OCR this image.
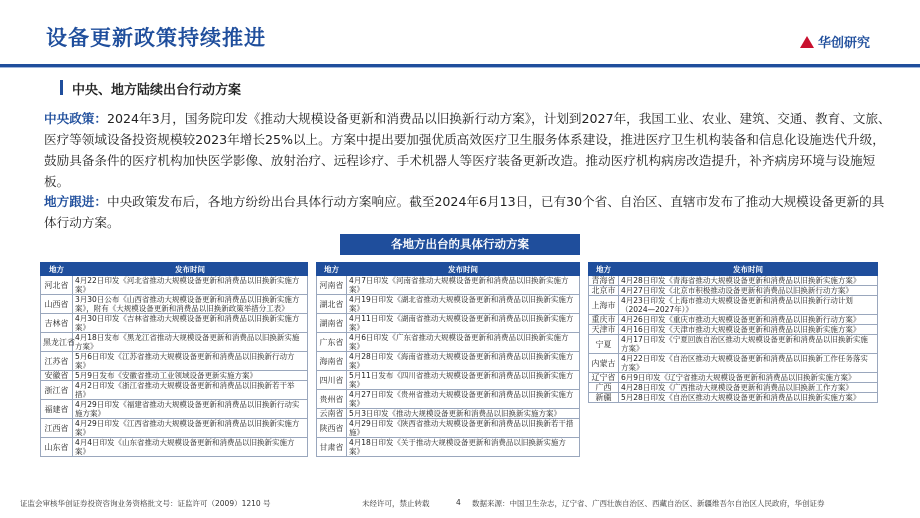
设备更新政策持续推进	华创研究
中央、地方陆续出台行动方案
中央政策：2024年3月，国务院印发《推动大规模设备更新和消费品以旧换新行动方案》，计划到2027年，我国工业、农业、建筑、交通、教育、文旅、医疗等领域设备投资规模较2023年增长25%以上。方案中提出要加强优质高效医疗卫生服务体系建设，推进医疗卫生机构装备和信息化设施迭代升级，鼓励具备条件的医疗机构加快医学影像、放射治疗、远程诊疗、手术机器人等医疗装备更新改造。推动医疗机构病房改造提升，补齐病房环境与设施短板。
地方跟进：中央政策发布后，各地方纷纷出台具体行动方案响应。截至2024年6月13日，已有30个省、自治区、直辖市发布了推动大规模设备更新的具体行动方案。
各地方出台的具体行动方案
地方	发布时间
河北省	4月22日印发《河北省推动大规模设备更新和消费品以旧换新实施方案》
山西省	3月30日公布《山西省推动大规模设备更新和消费品以旧换新实施方案》，附有《大规模设备更新和消费品以旧换新政策举措分工表》
吉林省	4月30日印发《吉林省推动大规模设备更新和消费品以旧换新实施方案》
黑龙江省	4月18日发布《黑龙江省推动大规模设备更新和消费品以旧换新实施方案》
江苏省	5月6日印发《江苏省推动大规模设备更新和消费品以旧换新行动方案》
安徽省	5月9日发布《安徽省推动工业领域设备更新实施方案》
浙江省	4月2日印发《浙江省推动大规模设备更新和消费品以旧换新若干举措》
福建省	4月29日印发《福建省推动大规模设备更新和消费品以旧换新行动实施方案》
江西省	4月29日印发《江西省推动大规模设备更新和消费品以旧换新实施方案》
山东省	4月4日印发《山东省推动大规模设备更新和消费品以旧换新实施方案》
地方	发布时间
河南省	4月7日印发《河南省推动大规模设备更新和消费品以旧换新实施方案》
湖北省	4月19日印发《湖北省推动大规模设备更新和消费品以旧换新实施方案》
湖南省	4月11日印发《湖南省推动大规模设备更新和消费品以旧换新实施方案》
广东省	4月6日印发《广东省推动大规模设备更新和消费品以旧换新实施方案》
海南省	4月28日印发《海南省推动大规模设备更新和消费品以旧换新实施方案》
四川省	5月11日发布《四川省推动大规模设备更新和消费品以旧换新实施方案》
贵州省	4月27日印发《贵州省推动大规模设备更新和消费品以旧换新实施方案》
云南省	5月3日印发《推动大规模设备更新和消费品以旧换新实施方案》
陕西省	4月29日印发《陕西省推动大规模设备更新和消费品以旧换新若干措施》
甘肃省	4月18日印发《关于推动大规模设备更新和消费品以旧换新实施方案》
地方	发布时间
青海省	4月28日印发《青海省推动大规模设备更新和消费品以旧换新实施方案》
北京市	4月27日印发《北京市积极推动设备更新和消费品以旧换新行动方案》
上海市	4月23日印发《上海市推动大规模设备更新和消费品以旧换新行动计划（2024—2027年）》
重庆市	4月26日印发《重庆市推动大规模设备更新和消费品以旧换新行动方案》
天津市	4月16日印发《天津市推动大规模设备更新和消费品以旧换新实施方案》
宁夏	4月17日印发《宁夏回族自治区推动大规模设备更新和消费品以旧换新实施方案》
内蒙古	4月22日印发《自治区推动大规模设备更新和消费品以旧换新工作任务落实方案》
辽宁省	6月9日印发《辽宁省推动大规模设备更新和消费品以旧换新实施方案》
广西	4月28日印发《广西推动大规模设备更新和消费品以旧换新工作方案》
新疆	5月28日印发《自治区推动大规模设备更新和消费品以旧换新实施方案》
证监会审核华创证券投资咨询业务资格批文号：证监许可（2009）1210 号	未经许可，禁止转载	4 数据来源：中国卫生杂志，辽宁省、广西壮族自治区、西藏自治区、新疆维吾尔自治区人民政府，华创证券
